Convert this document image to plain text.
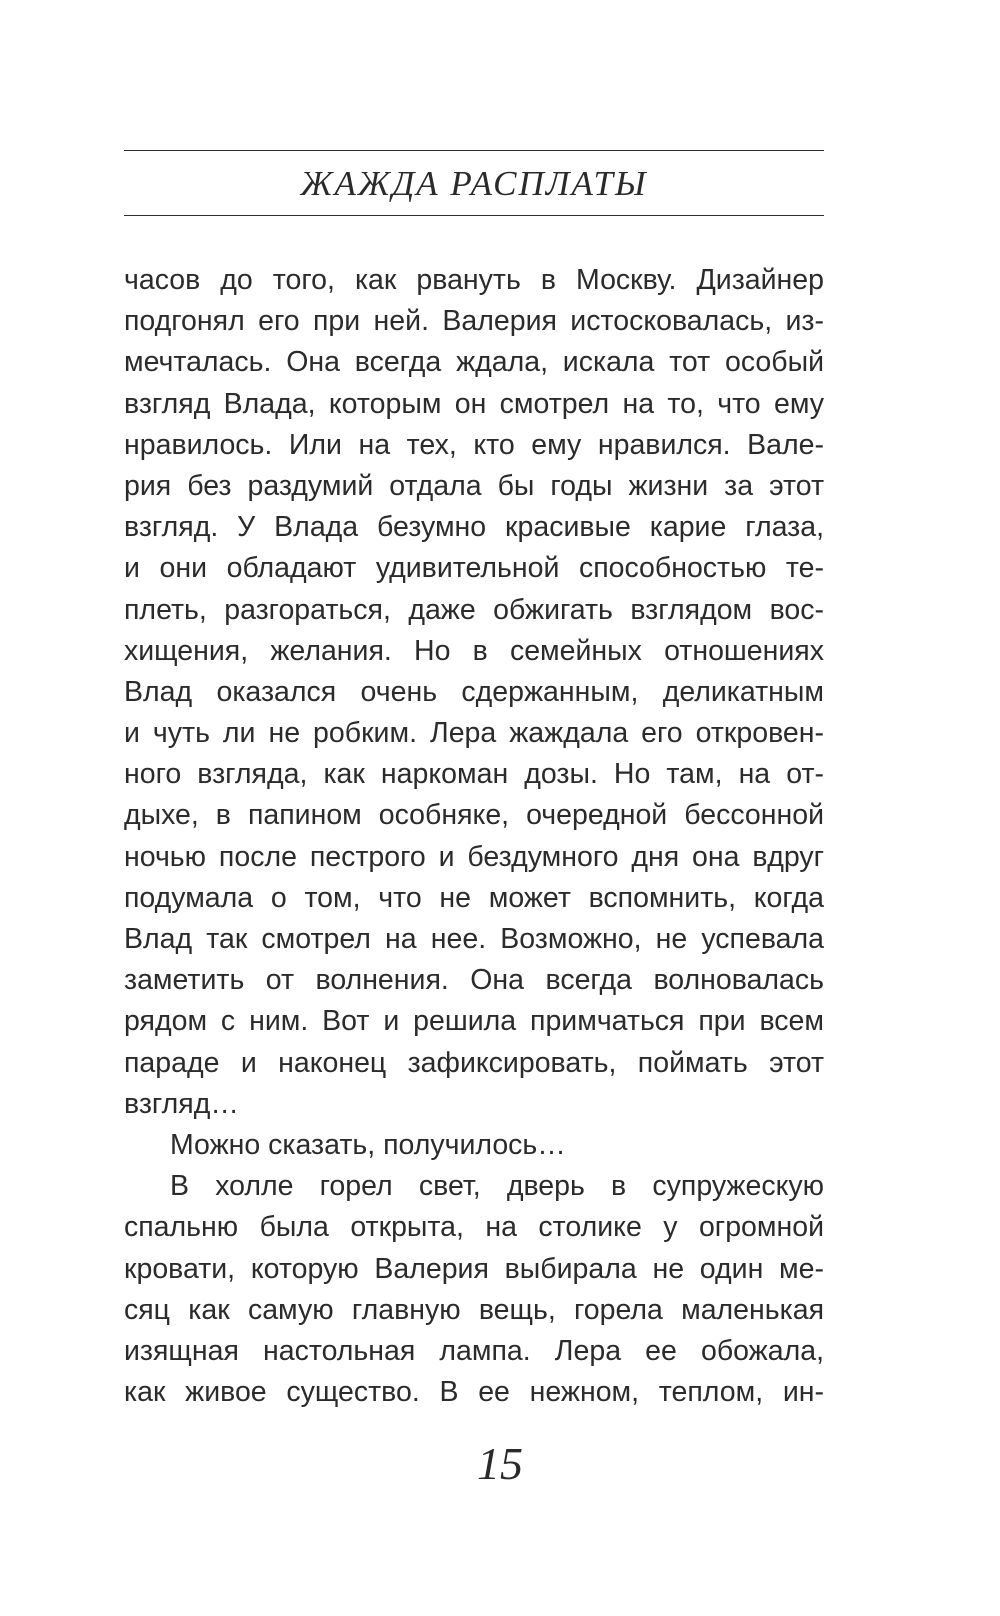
ЖАЖДА РАСПЛАТЫ
часов до того, как рвануть в Москву. Дизайнер
подгонял его при ней. Валерия истосковалась, из-
мечталась. Она всегда ждала, искала тот особый
взгляд Влада, которым он смотрел на то, что ему
нравилось. Или на тех, кто ему нравился. Вале-
рия без раздумий отдала бы годы жизни за этот
взгляд. У Влада безумно красивые карие глаза,
и они обладают удивительной способностью те-
плеть, разгораться, даже обжигать взглядом вос-
хищения, желания. Но в семейных отношениях
Влад оказался очень сдержанным, деликатным
и чуть ли не робким. Лера жаждала его откровен-
ного взгляда, как наркоман дозы. Но там, на от-
дыхе, в папином особняке, очередной бессонной
ночью после пестрого и бездумного дня она вдруг
подумала о том, что не может вспомнить, когда
Влад так смотрел на нее. Возможно, не успевала
заметить от волнения. Она всегда волновалась
рядом с ним. Вот и решила примчаться при всем
параде и наконец зафиксировать, поймать этот
взгляд…
Можно сказать, получилось…
В холле горел свет, дверь в супружескую
спальню была открыта, на столике у огромной
кровати, которую Валерия выбирала не один ме-
сяц как самую главную вещь, горела маленькая
изящная настольная лампа. Лера ее обожала,
как живое существо. В ее нежном, теплом, ин-
15
